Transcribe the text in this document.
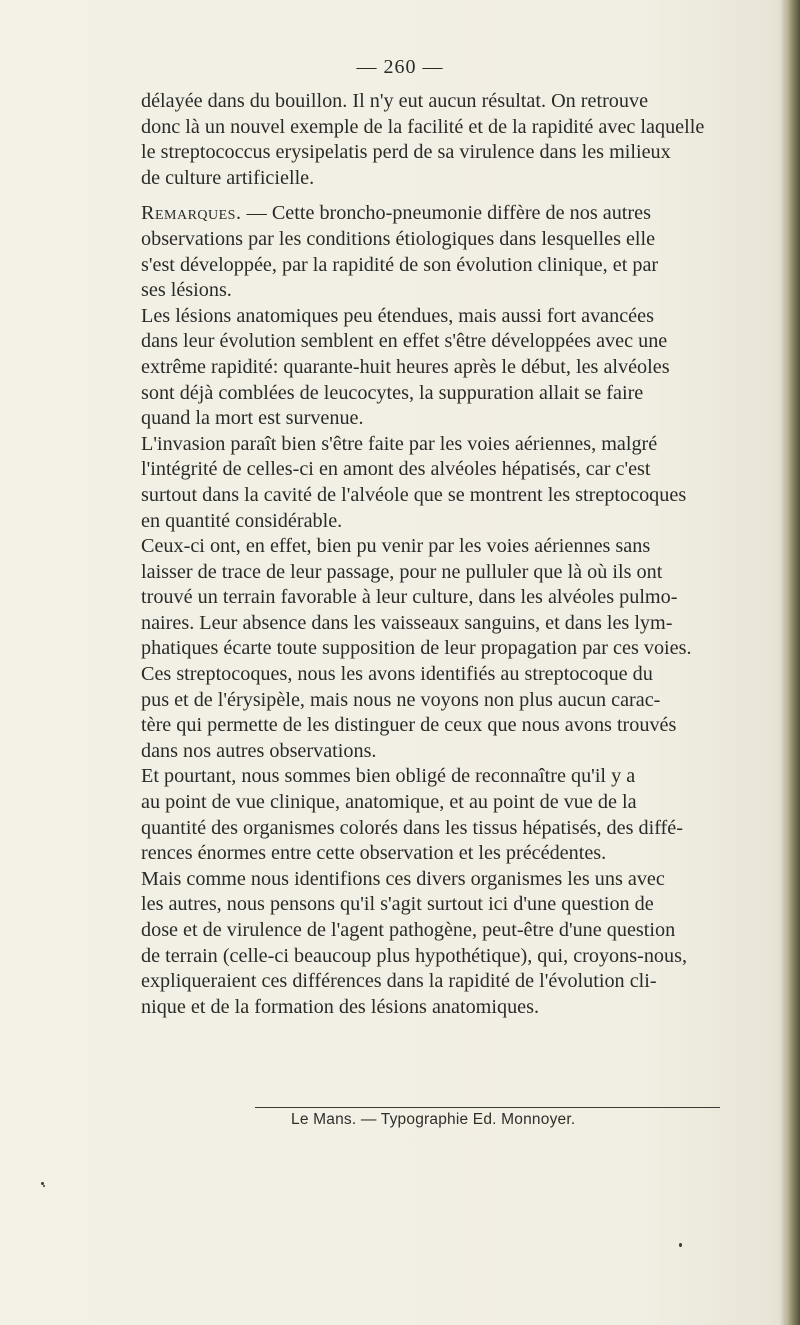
— 260 —
délayée dans du bouillon. Il n'y eut aucun résultat. On retrouve
donc là un nouvel exemple de la facilité et de la rapidité avec laquelle
le streptococcus erysipelatis perd de sa virulence dans les milieux
de culture artificielle.
Remarques. — Cette broncho-pneumonie diffère de nos autres
observations par les conditions étiologiques dans lesquelles elle
s'est développée, par la rapidité de son évolution clinique, et par
ses lésions.
Les lésions anatomiques peu étendues, mais aussi fort avancées
dans leur évolution semblent en effet s'être développées avec une
extrême rapidité: quarante-huit heures après le début, les alvéoles
sont déjà comblées de leucocytes, la suppuration allait se faire
quand la mort est survenue.
L'invasion paraît bien s'être faite par les voies aériennes, malgré
l'intégrité de celles-ci en amont des alvéoles hépatisés, car c'est
surtout dans la cavité de l'alvéole que se montrent les streptocoques
en quantité considérable.
Ceux-ci ont, en effet, bien pu venir par les voies aériennes sans
laisser de trace de leur passage, pour ne pulluler que là où ils ont
trouvé un terrain favorable à leur culture, dans les alvéoles pulmo-
naires. Leur absence dans les vaisseaux sanguins, et dans les lym-
phatiques écarte toute supposition de leur propagation par ces voies.
Ces streptocoques, nous les avons identifiés au streptocoque du
pus et de l'érysipèle, mais nous ne voyons non plus aucun carac-
tère qui permette de les distinguer de ceux que nous avons trouvés
dans nos autres observations.
Et pourtant, nous sommes bien obligé de reconnaître qu'il y a
au point de vue clinique, anatomique, et au point de vue de la
quantité des organismes colorés dans les tissus hépatisés, des diffé-
rences énormes entre cette observation et les précédentes.
Mais comme nous identifions ces divers organismes les uns avec
les autres, nous pensons qu'il s'agit surtout ici d'une question de
dose et de virulence de l'agent pathogène, peut-être d'une question
de terrain (celle-ci beaucoup plus hypothétique), qui, croyons-nous,
expliqueraient ces différences dans la rapidité de l'évolution cli-
nique et de la formation des lésions anatomiques.
Le Mans. — Typographie Ed. Monnoyer.
